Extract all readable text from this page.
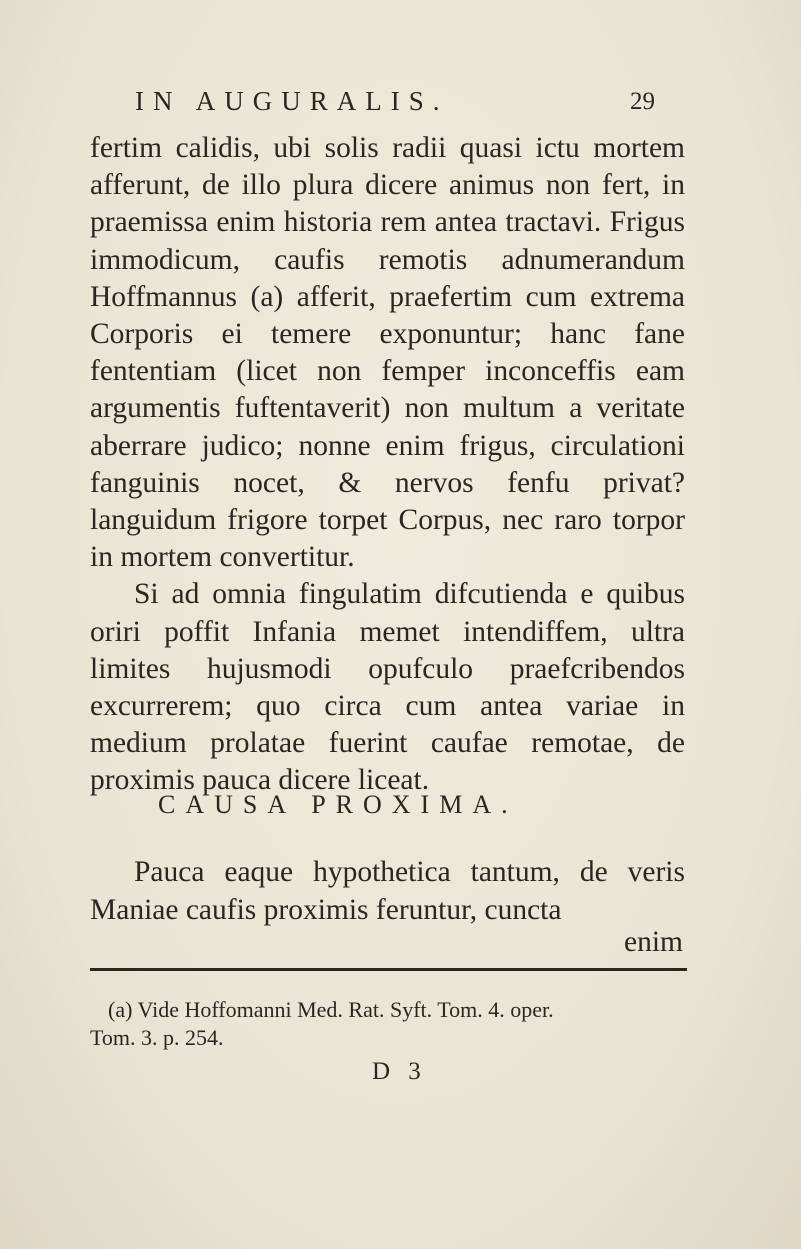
IN AUGURALIS.	29

fertim calidis, ubi solis radii quasi ictu mortem afferunt, de illo plura dicere animus non fert, in praemissa enim historia rem antea tractavi. Frigus immodicum, caufis remotis adnumerandum Hoffmannus (a) afferit, praefertim cum extrema Corporis ei temere exponuntur; hanc fane fententiam (licet non femper inconceffis eam argumentis fuftentaverit) non multum a veritate aberrare judico; nonne enim frigus, circulationi fanguinis nocet, & nervos fenfu privat? languidum frigore torpet Corpus, nec raro torpor in mortem convertitur.

Si ad omnia fingulatim difcutienda e quibus oriri poffit Infania memet intendiffem, ultra limites hujusmodi opufculo praefcribendos excurrerem; quo circa cum antea variae in medium prolatae fuerint caufae remotae, de proximis pauca dicere liceat.

CAUSA PROXIMA.

Pauca eaque hypothetica tantum, de veris Maniae caufis proximis feruntur, cuncta

enim

(a) Vide Hoffomanni Med. Rat. Syft. Tom. 4. oper.

Tom. 3. p. 254.

D 3
